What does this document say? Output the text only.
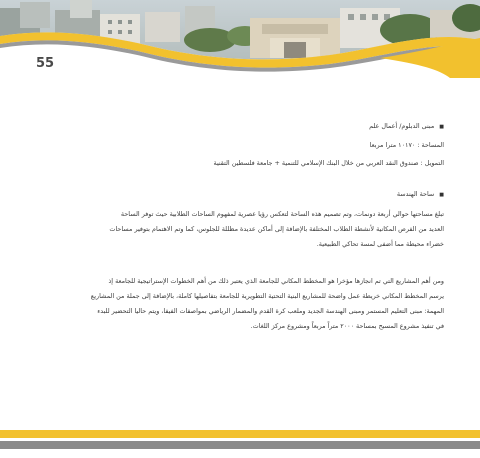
55
■ مبنى الدبلوم/ أعمال علم
المساحة : ١٠١٧٠ مترا مربعا
التمويل : صندوق النقد العربي من خلال البنك الإسلامي للتنمية + جامعة فلسطين التقنية
■ ساحة الهندسة
تبلغ مساحتها حوالي أربعة دونمات، وتم تصميم هذه الساحة لتعكس رؤيا عصرية لمفهوم الساحات الطلابية حيث توفر الساحة
العديد من الفرص المكانية لأنشطة الطلاب المختلفة بالإضافة إلى أماكن عديدة مظللة للجلوس، كما وتم الاهتمام بتوفير مساحات
خضراء محيطة مما أضفى لمسة تحاكي الطبيعية.
ومن أهم المشاريع التي تم انجازها مؤخرا هو المخطط المكاني للجامعة الذي يعتبر ذلك من أهم الخطوات الإستراتيجية للجامعة إذ
يرسم المخطط المكاني خريطة عمل واضحة للمشاريع البنية التحتية التطويرية للجامعة بتفاصيلها كاملة، بالإضافة إلى جملة من المشاريع
المهمة: مبنى التعليم المستمر ومبنى الهندسة الجديد وملعب كرة القدم والمضمار الرياضي بمواصفات الفيفا، ويتم حاليا التحضير للبدء
في تنفيذ مشروع المسبح بمساحة ٢٠٠٠ متراً مربعاً ومشروع مركز اللغات.
